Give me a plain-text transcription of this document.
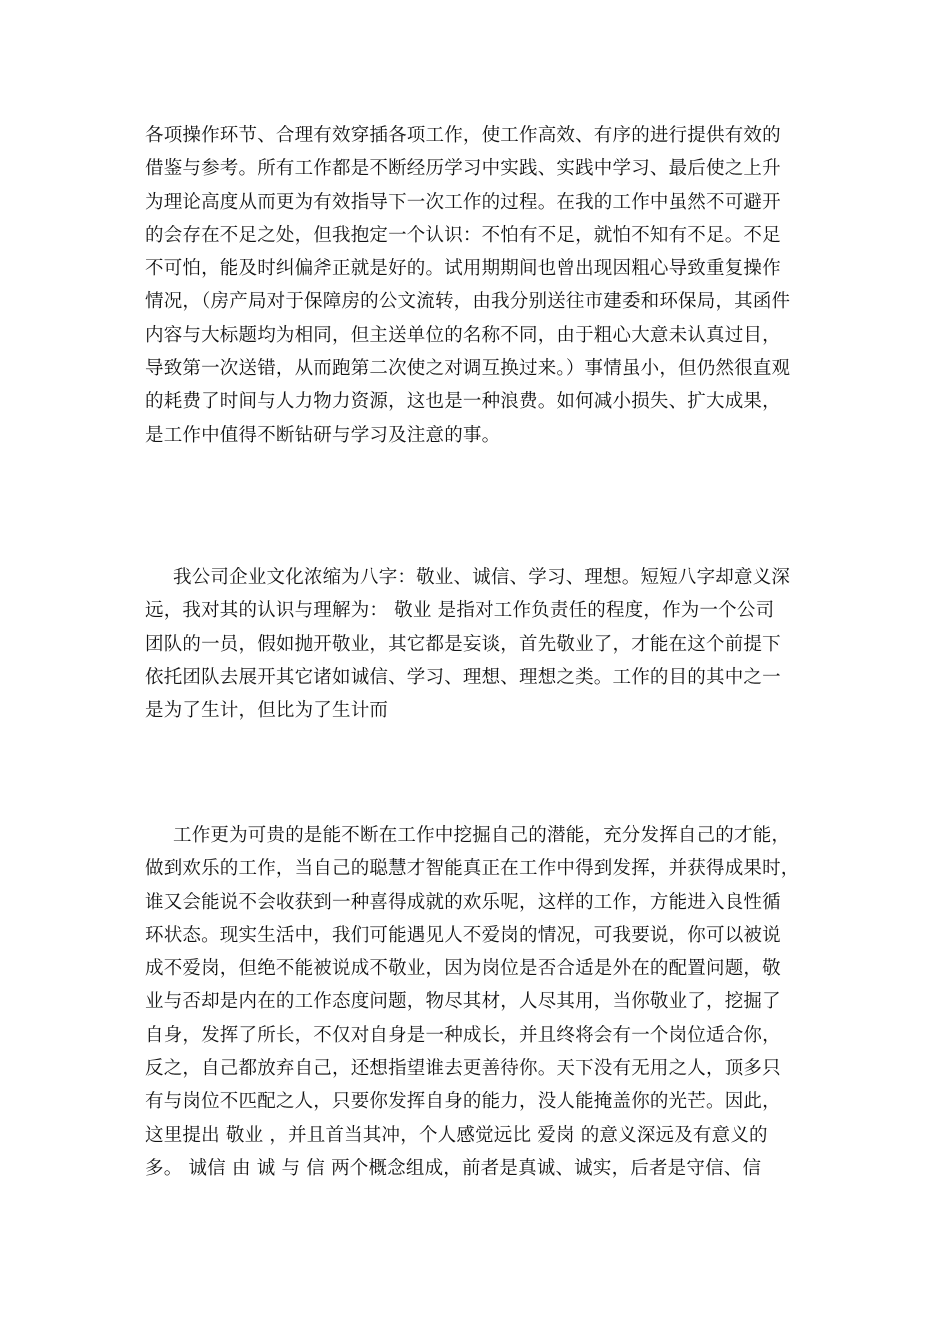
各项操作环节、合理有效穿插各项工作，使工作高效、有序的进行提供有效的
借鉴与参考。所有工作都是不断经历学习中实践、实践中学习、最后使之上升
为理论高度从而更为有效指导下一次工作的过程。在我的工作中虽然不可避开
的会存在不足之处，但我抱定一个认识：不怕有不足，就怕不知有不足。不足
不可怕，能及时纠偏斧正就是好的。试用期期间也曾出现因粗心导致重复操作
情况，（房产局对于保障房的公文流转，由我分别送往市建委和环保局，其函件
内容与大标题均为相同，但主送单位的名称不同，由于粗心大意未认真过目，
导致第一次送错，从而跑第二次使之对调互换过来。）事情虽小，但仍然很直观
的耗费了时间与人力物力资源，这也是一种浪费。如何减小损失、扩大成果，
是工作中值得不断钻研与学习及注意的事。
我公司企业文化浓缩为八字：敬业、诚信、学习、理想。短短八字却意义深
远，我对其的认识与理解为： 敬业 是指对工作负责任的程度，作为一个公司
团队的一员，假如抛开敬业，其它都是妄谈，首先敬业了，才能在这个前提下
依托团队去展开其它诸如诚信、学习、理想、理想之类。工作的目的其中之一
是为了生计，但比为了生计而
工作更为可贵的是能不断在工作中挖掘自己的潜能，充分发挥自己的才能，
做到欢乐的工作，当自己的聪慧才智能真正在工作中得到发挥，并获得成果时，
谁又会能说不会收获到一种喜得成就的欢乐呢，这样的工作，方能进入良性循
环状态。现实生活中，我们可能遇见人不爱岗的情况，可我要说，你可以被说
成不爱岗，但绝不能被说成不敬业，因为岗位是否合适是外在的配置问题，敬
业与否却是内在的工作态度问题，物尽其材，人尽其用，当你敬业了，挖掘了
自身，发挥了所长，不仅对自身是一种成长，并且终将会有一个岗位适合你，
反之，自己都放弃自己，还想指望谁去更善待你。天下没有无用之人，顶多只
有与岗位不匹配之人，只要你发挥自身的能力，没人能掩盖你的光芒。因此，
这里提出 敬业 ，并且首当其冲，个人感觉远比 爱岗 的意义深远及有意义的
多。 诚信 由 诚 与 信 两个概念组成，前者是真诚、诚实，后者是守信、信
